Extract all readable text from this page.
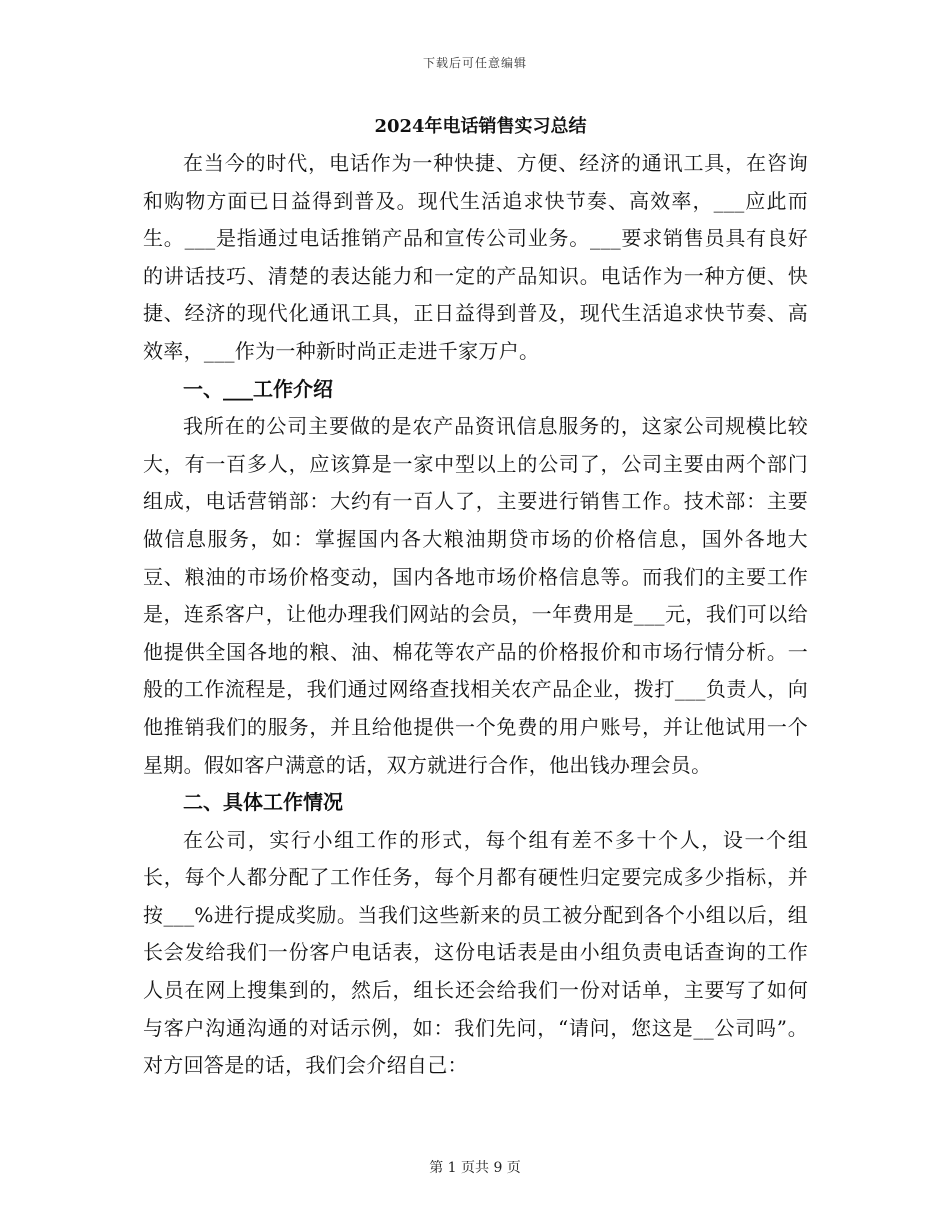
下载后可任意编辑
2024年电话销售实习总结

在当今的时代，电话作为一种快捷、方便、经济的通讯工具，在咨询和购物方面已日益得到普及。现代生活追求快节奏、高效率，___应此而生。___是指通过电话推销产品和宣传公司业务。___要求销售员具有良好的讲话技巧、清楚的表达能力和一定的产品知识。电话作为一种方便、快捷、经济的现代化通讯工具，正日益得到普及，现代生活追求快节奏、高效率，___作为一种新时尚正走进千家万户。

一、___工作介绍

我所在的公司主要做的是农产品资讯信息服务的，这家公司规模比较大，有一百多人，应该算是一家中型以上的公司了，公司主要由两个部门组成，电话营销部：大约有一百人了，主要进行销售工作。技术部：主要做信息服务，如：掌握国内各大粮油期贷市场的价格信息，国外各地大豆、粮油的市场价格变动，国内各地市场价格信息等。而我们的主要工作是，连系客户，让他办理我们网站的会员，一年费用是___元，我们可以给他提供全国各地的粮、油、棉花等农产品的价格报价和市场行情分析。一般的工作流程是，我们通过网络查找相关农产品企业，拨打___负责人，向他推销我们的服务，并且给他提供一个免费的用户账号，并让他试用一个星期。假如客户满意的话，双方就进行合作，他出钱办理会员。

二、具体工作情况

在公司，实行小组工作的形式，每个组有差不多十个人，设一个组长，每个人都分配了工作任务，每个月都有硬性归定要完成多少指标，并按___%进行提成奖励。当我们这些新来的员工被分配到各个小组以后，组长会发给我们一份客户电话表，这份电话表是由小组负责电话查询的工作人员在网上搜集到的，然后，组长还会给我们一份对话单，主要写了如何与客户沟通沟通的对话示例，如：我们先问，“请问，您这是__公司吗”。对方回答是的话，我们会介绍自己：

第 1 页共 9 页
